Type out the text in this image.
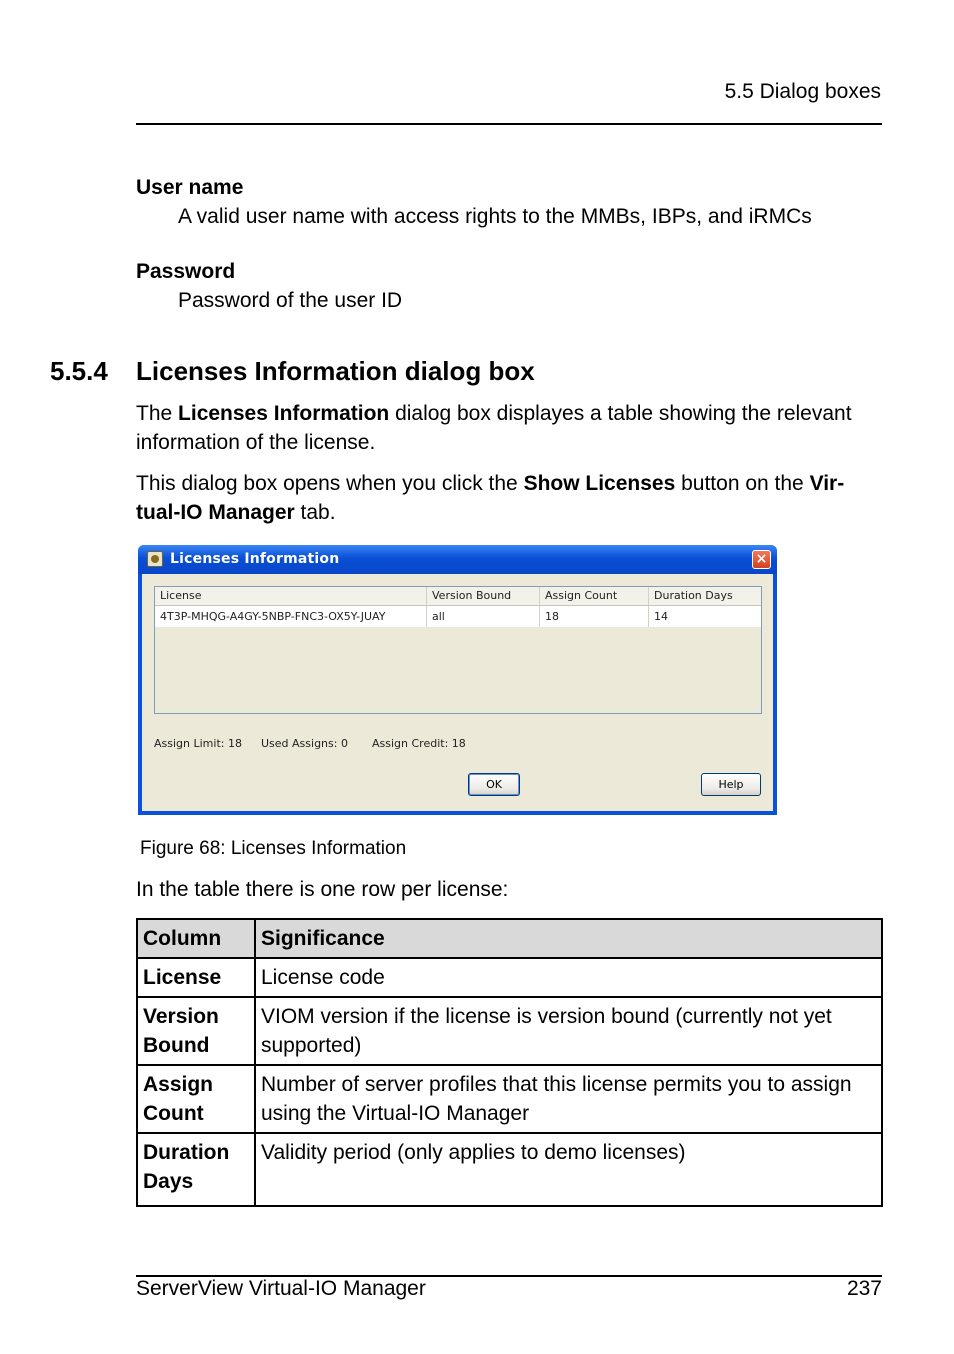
5.5 Dialog boxes
User name
A valid user name with access rights to the MMBs, IBPs, and iRMCs
Password
Password of the user ID
5.5.4 Licenses Information dialog box
The Licenses Information dialog box displayes a table showing the relevant information of the license.
This dialog box opens when you click the Show Licenses button on the Vir-tual-IO Manager tab.
Licenses Information	×
License	Version Bound	Assign Count	Duration Days
4T3P-MHQG-A4GY-5NBP-FNC3-OX5Y-JUAY	all	18	14
Assign Limit: 18 Used Assigns: 0 Assign Credit: 18
OK	Help
Figure 68: Licenses Information
In the table there is one row per license:
Column	Significance
License	License code
Version Bound	VIOM version if the license is version bound (currently not yet supported)
Assign Count	Number of server profiles that this license permits you to assign using the Virtual-IO Manager
Duration Days	Validity period (only applies to demo licenses)
ServerView Virtual-IO Manager	237
